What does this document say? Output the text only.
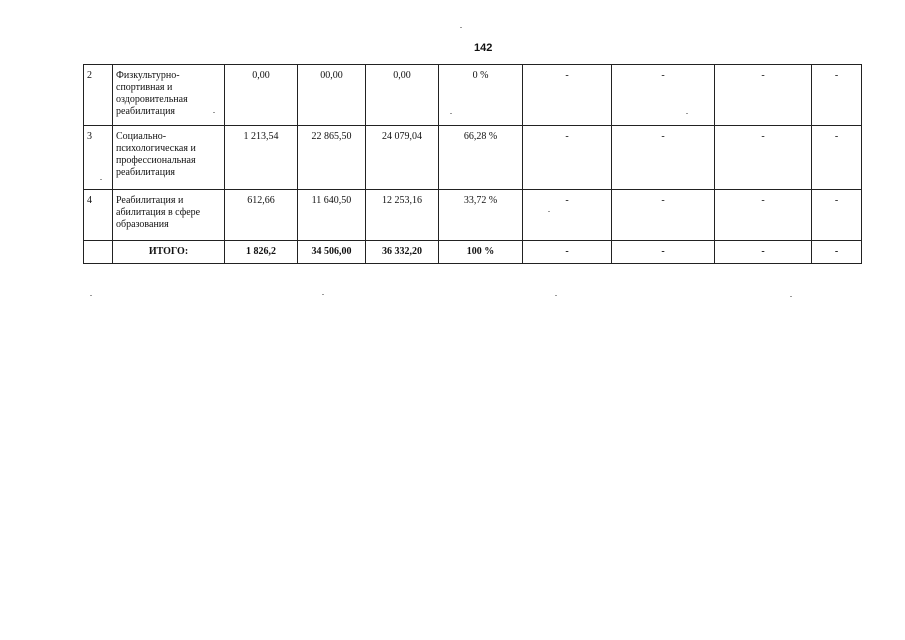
142
2	Физкультурно-спортивная и оздоровительная реабилитация	0,00	00,00	0,00	0 %	-	-	-	-
3	Социально-психологическая и профессиональная реабилитация	1 213,54	22 865,50	24 079,04	66,28 %	-	-	-	-
4	Реабилитация и абилитация в сфере образования	612,66	11 640,50	12 253,16	33,72 %	-	-	-	-
	ИТОГО:	1 826,2	34 506,00	36 332,20	100 %	-	-	-	-
